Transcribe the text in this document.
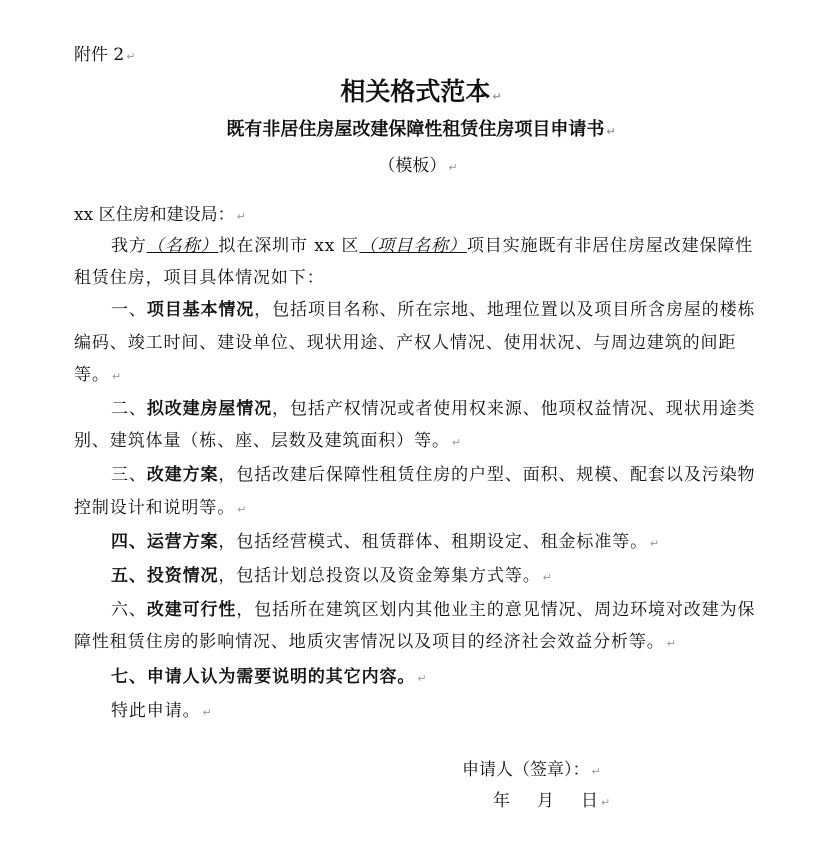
附件 2 ↵
相关格式范本 ↵
既有非居住房屋改建保障性租赁住房项目申请书 ↵
（模板） ↵
xx 区住房和建设局： ↵

我方（名称）拟在深圳市 xx 区（项目名称）项目实施既有非居住房屋改建保障性租赁住房，项目具体情况如下：

一、项目基本情况，包括项目名称、所在宗地、地理位置以及项目所含房屋的楼栋编码、竣工时间、建设单位、现状用途、产权人情况、使用状况、与周边建筑的间距等。 ↵

二、拟改建房屋情况，包括产权情况或者使用权来源、他项权益情况、现状用途类别、建筑体量（栋、座、层数及建筑面积）等。 ↵

三、改建方案，包括改建后保障性租赁住房的户型、面积、规模、配套以及污染物控制设计和说明等。 ↵

四、运营方案，包括经营模式、租赁群体、租期设定、租金标准等。 ↵

五、投资情况，包括计划总投资以及资金筹集方式等。 ↵

六、改建可行性，包括所在建筑区划内其他业主的意见情况、周边环境对改建为保障性租赁住房的影响情况、地质灾害情况以及项目的经济社会效益分析等。 ↵

七、申请人认为需要说明的其它内容。 ↵

特此申请。 ↵

申请人（签章）： ↵
年 月 日 ↵
